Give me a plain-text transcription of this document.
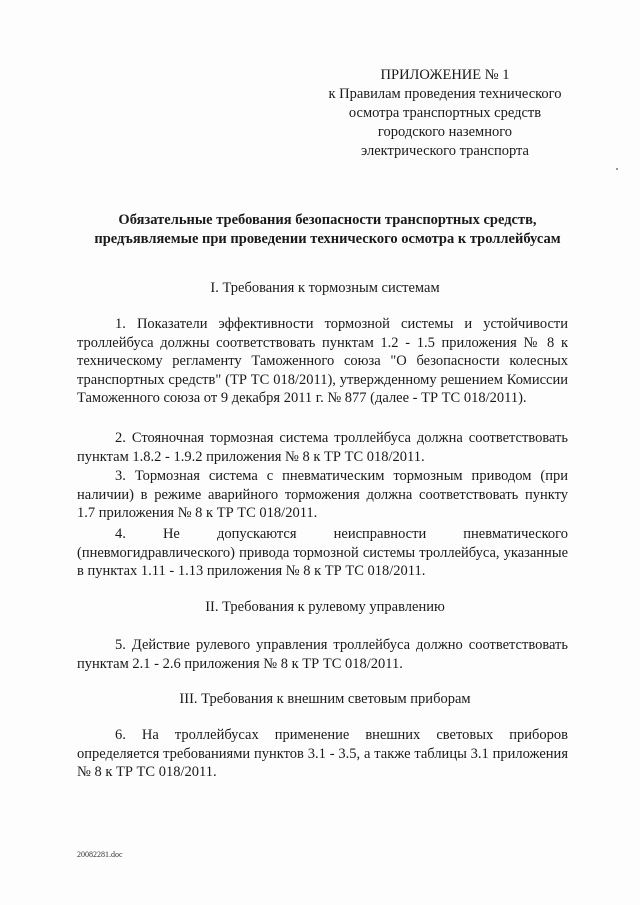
ПРИЛОЖЕНИЕ № 1
к Правилам проведения технического
осмотра транспортных средств
городского наземного
электрического транспорта
Обязательные требования безопасности транспортных средств,
предъявляемые при проведении технического осмотра к троллейбусам
I. Требования к тормозным системам
1. Показатели эффективности тормозной системы и устойчивости троллейбуса должны соответствовать пунктам 1.2 - 1.5 приложения № 8 к техническому регламенту Таможенного союза "О безопасности колесных транспортных средств" (ТР ТС 018/2011), утвержденному решением Комиссии Таможенного союза от 9 декабря 2011 г. № 877 (далее - ТР ТС 018/2011).
2. Стояночная тормозная система троллейбуса должна соответствовать пунктам 1.8.2 - 1.9.2 приложения № 8 к ТР ТС 018/2011.
3. Тормозная система с пневматическим тормозным приводом (при наличии) в режиме аварийного торможения должна соответствовать пункту 1.7 приложения № 8 к ТР ТС 018/2011.
4. Не допускаются неисправности пневматического (пневмогидравлического) привода тормозной системы троллейбуса, указанные в пунктах 1.11 - 1.13 приложения № 8 к ТР ТС 018/2011.
II. Требования к рулевому управлению
5. Действие рулевого управления троллейбуса должно соответствовать пунктам 2.1 - 2.6 приложения № 8 к ТР ТС 018/2011.
III. Требования к внешним световым приборам
6. На троллейбусах применение внешних световых приборов определяется требованиями пунктов 3.1 - 3.5, а также таблицы 3.1 приложения № 8 к ТР ТС 018/2011.
20082281.doc
